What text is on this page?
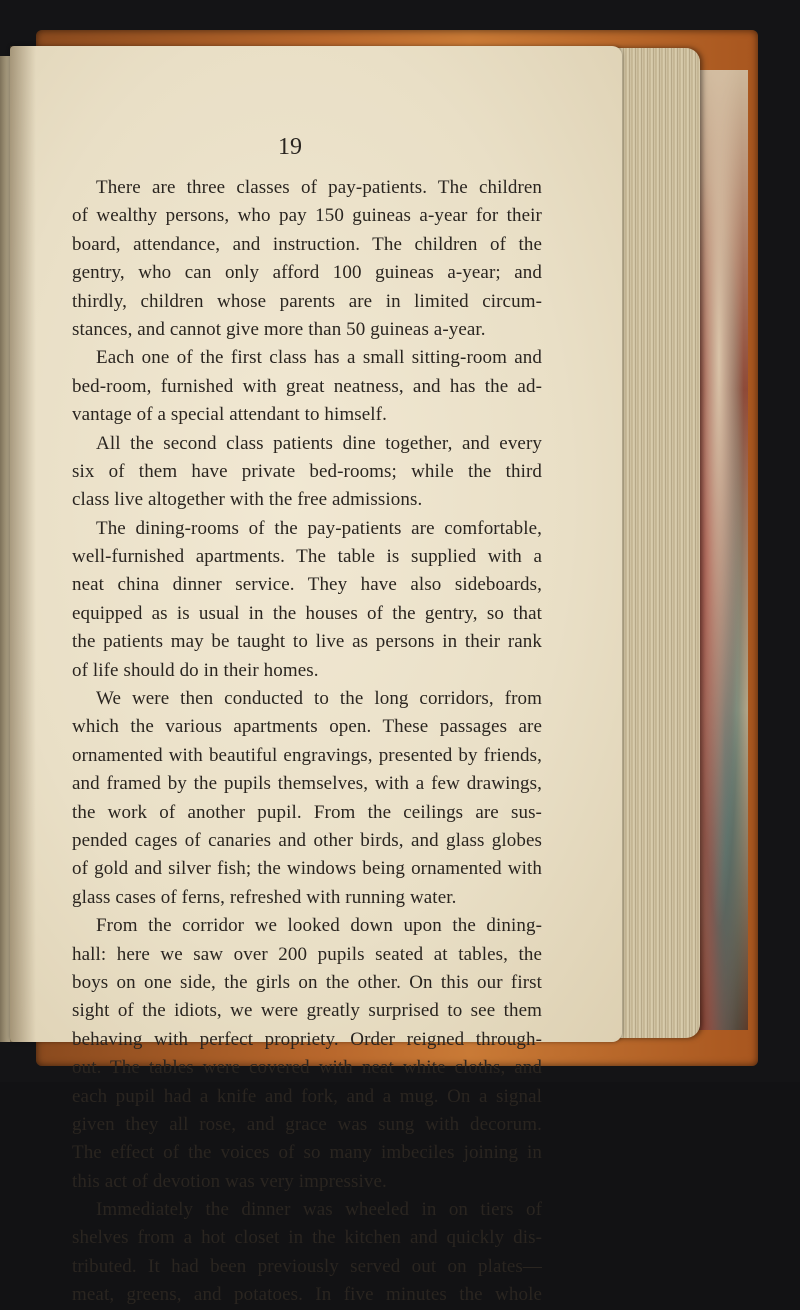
19
There are three classes of pay-patients. The children
of wealthy persons, who pay 150 guineas a-year for their
board, attendance, and instruction. The children of the
gentry, who can only afford 100 guineas a-year; and
thirdly, children whose parents are in limited circum-
stances, and cannot give more than 50 guineas a-year.
Each one of the first class has a small sitting-room and
bed-room, furnished with great neatness, and has the ad-
vantage of a special attendant to himself.
All the second class patients dine together, and every
six of them have private bed-rooms; while the third
class live altogether with the free admissions.
The dining-rooms of the pay-patients are comfortable,
well-furnished apartments. The table is supplied with a
neat china dinner service. They have also sideboards,
equipped as is usual in the houses of the gentry, so that
the patients may be taught to live as persons in their rank
of life should do in their homes.
We were then conducted to the long corridors, from
which the various apartments open. These passages are
ornamented with beautiful engravings, presented by friends,
and framed by the pupils themselves, with a few drawings,
the work of another pupil. From the ceilings are sus-
pended cages of canaries and other birds, and glass globes
of gold and silver fish; the windows being ornamented with
glass cases of ferns, refreshed with running water.
From the corridor we looked down upon the dining-
hall: here we saw over 200 pupils seated at tables, the
boys on one side, the girls on the other. On this our first
sight of the idiots, we were greatly surprised to see them
behaving with perfect propriety. Order reigned through-
out. The tables were covered with neat white cloths, and
each pupil had a knife and fork, and a mug. On a signal
given they all rose, and grace was sung with decorum.
The effect of the voices of so many imbeciles joining in
this act of devotion was very impressive.
Immediately the dinner was wheeled in on tiers of
shelves from a hot closet in the kitchen and quickly dis-
tributed. It had been previously served out on plates—
meat, greens, and potatoes. In five minutes the whole
